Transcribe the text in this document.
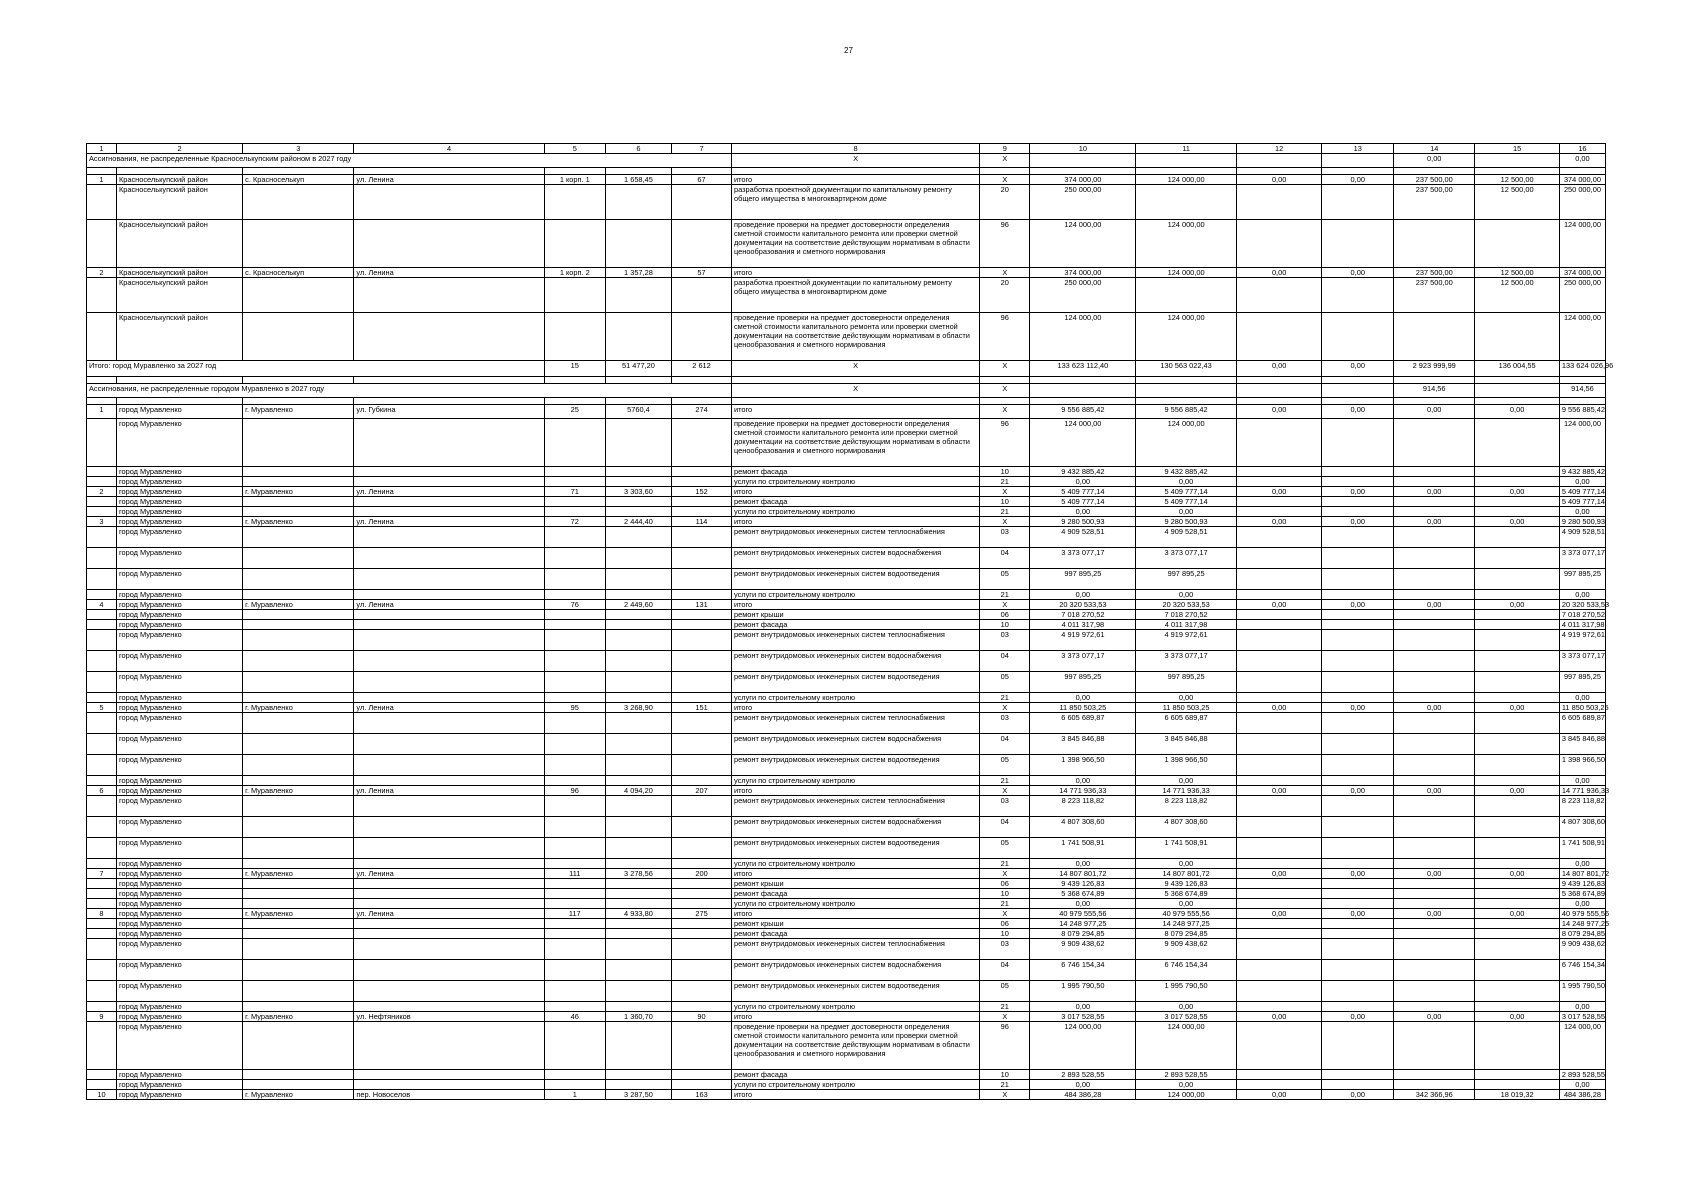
27
1	2	3	4	5	6	7	8	9	10	11	12	13	14	15	16
Ассигнования, не распределенные Красноселькупским районом в 2027 году							Х	Х					0,00		0,00

1	Красноселькупский район	с. Красноселькуп	ул. Ленина	1 корп. 1	1 658,45	67	итого	Х	374 000,00	124 000,00	0,00	0,00	237 500,00	12 500,00	374 000,00
	Красноселькупский район						разработка проектной документации по капитальному ремонту общего имущества в многоквартирном доме	20	250 000,00				237 500,00	12 500,00	250 000,00
	Красноселькупский район						проведение проверки на предмет достоверности определения сметной стоимости капитального ремонта или проверки сметной документации на соответствие действующим нормативам в области ценообразования и сметного нормирования	96	124 000,00	124 000,00					124 000,00
2	Красноселькупский район	с. Красноселькуп	ул. Ленина	1 корп. 2	1 357,28	57	итого	Х	374 000,00	124 000,00	0,00	0,00	237 500,00	12 500,00	374 000,00
	Красноселькупский район						разработка проектной документации по капитальному ремонту общего имущества в многоквартирном доме	20	250 000,00				237 500,00	12 500,00	250 000,00
	Красноселькупский район						проведение проверки на предмет достоверности определения сметной стоимости капитального ремонта или проверки сметной документации на соответствие действующим нормативам в области ценообразования и сметного нормирования	96	124 000,00	124 000,00					124 000,00
Итого: город Муравленко за 2027 год				15	51 477,20	2 612	Х	Х	133 623 112,40	130 563 022,43	0,00	0,00	2 923 999,99	136 004,55	133 624 026,96

Ассигнования, не распределенные городом Муравленко в 2027 году							Х	Х					914,56		914,56

1	город Муравленко	г. Муравленко	ул. Губкина	25	5760,4	274	итого	Х	9 556 885,42	9 556 885,42	0,00	0,00	0,00	0,00	9 556 885,42
	город Муравленко						проведение проверки на предмет достоверности определения сметной стоимости капитального ремонта или проверки сметной документации на соответствие действующим нормативам в области ценообразования и сметного нормирования	96	124 000,00	124 000,00					124 000,00
	город Муравленко						ремонт фасада	10	9 432 885,42	9 432 885,42					9 432 885,42
	город Муравленко						услуги по строительному контролю	21	0,00	0,00					0,00
2	город Муравленко	г. Муравленко	ул. Ленина	71	3 303,60	152	итого	Х	5 409 777,14	5 409 777,14	0,00	0,00	0,00	0,00	5 409 777,14
	город Муравленко						ремонт фасада	10	5 409 777,14	5 409 777,14					5 409 777,14
	город Муравленко						услуги по строительному контролю	21	0,00	0,00					0,00
3	город Муравленко	г. Муравленко	ул. Ленина	72	2 444,40	114	итого	Х	9 280 500,93	9 280 500,93	0,00	0,00	0,00	0,00	9 280 500,93
	город Муравленко						ремонт внутридомовых инженерных систем теплоснабжения	03	4 909 528,51	4 909 528,51					4 909 528,51
	город Муравленко						ремонт внутридомовых инженерных систем водоснабжения	04	3 373 077,17	3 373 077,17					3 373 077,17
	город Муравленко						ремонт внутридомовых инженерных систем водоотведения	05	997 895,25	997 895,25					997 895,25
	город Муравленко						услуги по строительному контролю	21	0,00	0,00					0,00
4	город Муравленко	г. Муравленко	ул. Ленина	76	2 449,60	131	итого	Х	20 320 533,53	20 320 533,53	0,00	0,00	0,00	0,00	20 320 533,53
	город Муравленко						ремонт крыши	06	7 018 270,52	7 018 270,52					7 018 270,52
	город Муравленко						ремонт фасада	10	4 011 317,98	4 011 317,98					4 011 317,98
	город Муравленко						ремонт внутридомовых инженерных систем теплоснабжения	03	4 919 972,61	4 919 972,61					4 919 972,61
	город Муравленко						ремонт внутридомовых инженерных систем водоснабжения	04	3 373 077,17	3 373 077,17					3 373 077,17
	город Муравленко						ремонт внутридомовых инженерных систем водоотведения	05	997 895,25	997 895,25					997 895,25
	город Муравленко						услуги по строительному контролю	21	0,00	0,00					0,00
5	город Муравленко	г. Муравленко	ул. Ленина	95	3 268,90	151	итого	Х	11 850 503,25	11 850 503,25	0,00	0,00	0,00	0,00	11 850 503,25
	город Муравленко						ремонт внутридомовых инженерных систем теплоснабжения	03	6 605 689,87	6 605 689,87					6 605 689,87
	город Муравленко						ремонт внутридомовых инженерных систем водоснабжения	04	3 845 846,88	3 845 846,88					3 845 846,88
	город Муравленко						ремонт внутридомовых инженерных систем водоотведения	05	1 398 966,50	1 398 966,50					1 398 966,50
	город Муравленко						услуги по строительному контролю	21	0,00	0,00					0,00
6	город Муравленко	г. Муравленко	ул. Ленина	96	4 094,20	207	итого	Х	14 771 936,33	14 771 936,33	0,00	0,00	0,00	0,00	14 771 936,33
	город Муравленко						ремонт внутридомовых инженерных систем теплоснабжения	03	8 223 118,82	8 223 118,82					8 223 118,82
	город Муравленко						ремонт внутридомовых инженерных систем водоснабжения	04	4 807 308,60	4 807 308,60					4 807 308,60
	город Муравленко						ремонт внутридомовых инженерных систем водоотведения	05	1 741 508,91	1 741 508,91					1 741 508,91
	город Муравленко						услуги по строительному контролю	21	0,00	0,00					0,00
7	город Муравленко	г. Муравленко	ул. Ленина	111	3 278,56	200	итого	Х	14 807 801,72	14 807 801,72	0,00	0,00	0,00	0,00	14 807 801,72
	город Муравленко						ремонт крыши	06	9 439 126,83	9 439 126,83					9 439 126,83
	город Муравленко						ремонт фасада	10	5 368 674,89	5 368 674,89					5 368 674,89
	город Муравленко						услуги по строительному контролю	21	0,00	0,00					0,00
8	город Муравленко	г. Муравленко	ул. Ленина	117	4 933,80	275	итого	Х	40 979 555,56	40 979 555,56	0,00	0,00	0,00	0,00	40 979 555,56
	город Муравленко						ремонт крыши	06	14 248 977,25	14 248 977,25					14 248 977,25
	город Муравленко						ремонт фасада	10	8 079 294,85	8 079 294,85					8 079 294,85
	город Муравленко						ремонт внутридомовых инженерных систем теплоснабжения	03	9 909 438,62	9 909 438,62					9 909 438,62
	город Муравленко						ремонт внутридомовых инженерных систем водоснабжения	04	6 746 154,34	6 746 154,34					6 746 154,34
	город Муравленко						ремонт внутридомовых инженерных систем водоотведения	05	1 995 790,50	1 995 790,50					1 995 790,50
	город Муравленко						услуги по строительному контролю	21	0,00	0,00					0,00
9	город Муравленко	г. Муравленко	ул. Нефтяников	46	1 360,70	90	итого	Х	3 017 528,55	3 017 528,55	0,00	0,00	0,00	0,00	3 017 528,55
	город Муравленко						проведение проверки на предмет достоверности определения сметной стоимости капитального ремонта или проверки сметной документации на соответствие действующим нормативам в области ценообразования и сметного нормирования	96	124 000,00	124 000,00					124 000,00
	город Муравленко						ремонт фасада	10	2 893 528,55	2 893 528,55					2 893 528,55
	город Муравленко						услуги по строительному контролю	21	0,00	0,00					0,00
10	город Муравленко	г. Муравленко	пер. Новоселов	1	3 287,50	163	итого	Х	484 386,28	124 000,00	0,00	0,00	342 366,96	18 019,32	484 386,28
